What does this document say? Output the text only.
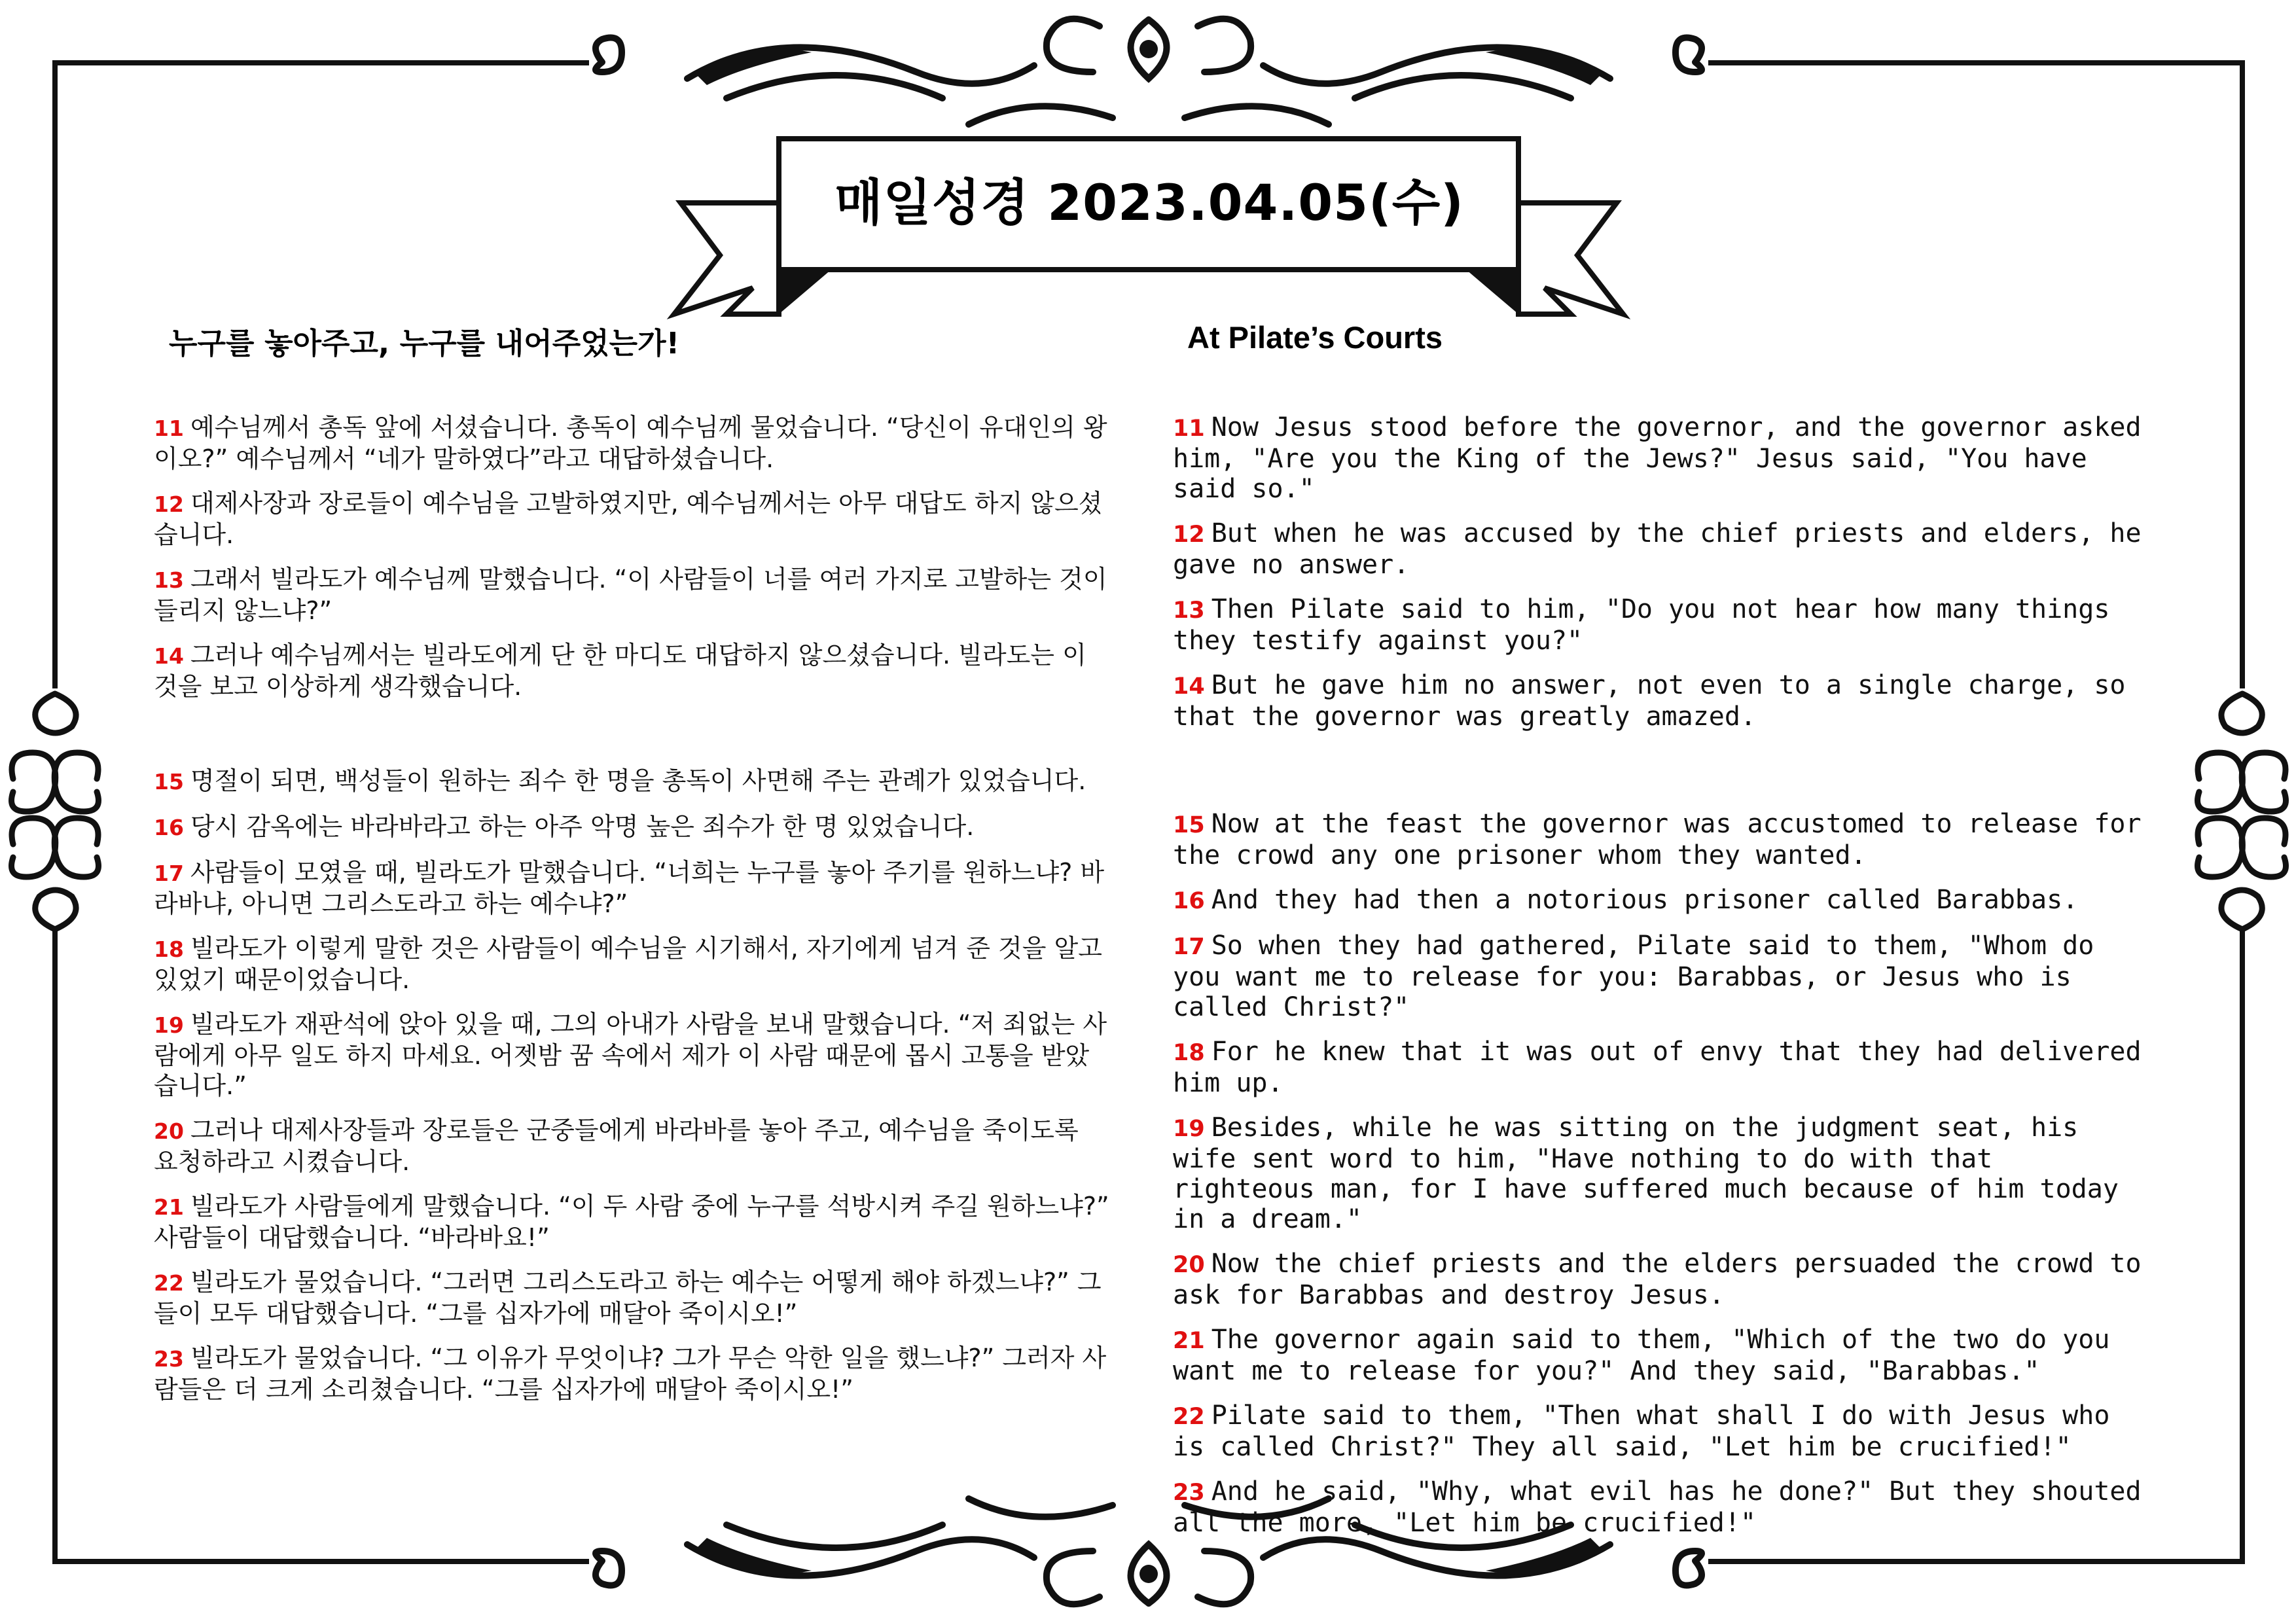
매일성경 2023.04.05(수)
누구를 놓아주고, 누구를 내어주었는가!	At Pilate’s Courts

11 예수님께서 총독 앞에 서셨습니다. 총독이 예수님께 물었습니다. “당신이 유대인의 왕이오?” 예수님께서 “네가 말하였다”라고 대답하셨습니다.

12 대제사장과 장로들이 예수님을 고발하였지만, 예수님께서는 아무 대답도 하지 않으셨습니다.

13 그래서 빌라도가 예수님께 말했습니다. “이 사람들이 너를 여러 가지로 고발하는 것이 들리지 않느냐?”

14 그러나 예수님께서는 빌라도에게 단 한 마디도 대답하지 않으셨습니다. 빌라도는 이것을 보고 이상하게 생각했습니다.

15 명절이 되면, 백성들이 원하는 죄수 한 명을 총독이 사면해 주는 관례가 있었습니다.

16 당시 감옥에는 바라바라고 하는 아주 악명 높은 죄수가 한 명 있었습니다.

17 사람들이 모였을 때, 빌라도가 말했습니다. “너희는 누구를 놓아 주기를 원하느냐? 바라바냐, 아니면 그리스도라고 하는 예수냐?”

18 빌라도가 이렇게 말한 것은 사람들이 예수님을 시기해서, 자기에게 넘겨 준 것을 알고 있었기 때문이었습니다.

19 빌라도가 재판석에 앉아 있을 때, 그의 아내가 사람을 보내 말했습니다. “저 죄없는 사람에게 아무 일도 하지 마세요. 어젯밤 꿈 속에서 제가 이 사람 때문에 몹시 고통을 받았습니다.”

20 그러나 대제사장들과 장로들은 군중들에게 바라바를 놓아 주고, 예수님을 죽이도록 요청하라고 시켰습니다.

21 빌라도가 사람들에게 말했습니다. “이 두 사람 중에 누구를 석방시켜 주길 원하느냐?” 사람들이 대답했습니다. “바라바요!”

22 빌라도가 물었습니다. “그러면 그리스도라고 하는 예수는 어떻게 해야 하겠느냐?” 그들이 모두 대답했습니다. “그를 십자가에 매달아 죽이시오!”

23 빌라도가 물었습니다. “그 이유가 무엇이냐? 그가 무슨 악한 일을 했느냐?” 그러자 사람들은 더 크게 소리쳤습니다. “그를 십자가에 매달아 죽이시오!”

11 Now Jesus stood before the governor, and the governor asked him, "Are you the King of the Jews?" Jesus said, "You have said so."

12 But when he was accused by the chief priests and elders, he gave no answer.

13 Then Pilate said to him, "Do you not hear how many things they testify against you?"

14 But he gave him no answer, not even to a single charge, so that the governor was greatly amazed.

15 Now at the feast the governor was accustomed to release for the crowd any one prisoner whom they wanted.

16 And they had then a notorious prisoner called Barabbas.

17 So when they had gathered, Pilate said to them, "Whom do you want me to release for you: Barabbas, or Jesus who is called Christ?"

18 For he knew that it was out of envy that they had delivered him up.

19 Besides, while he was sitting on the judgment seat, his wife sent word to him, "Have nothing to do with that righteous man, for I have suffered much because of him today in a dream."

20 Now the chief priests and the elders persuaded the crowd to ask for Barabbas and destroy Jesus.

21 The governor again said to them, "Which of the two do you want me to release for you?" And they said, "Barabbas."

22 Pilate said to them, "Then what shall I do with Jesus who is called Christ?" They all said, "Let him be crucified!"

23 And he said, "Why, what evil has he done?" But they shouted all the more, "Let him be crucified!"
